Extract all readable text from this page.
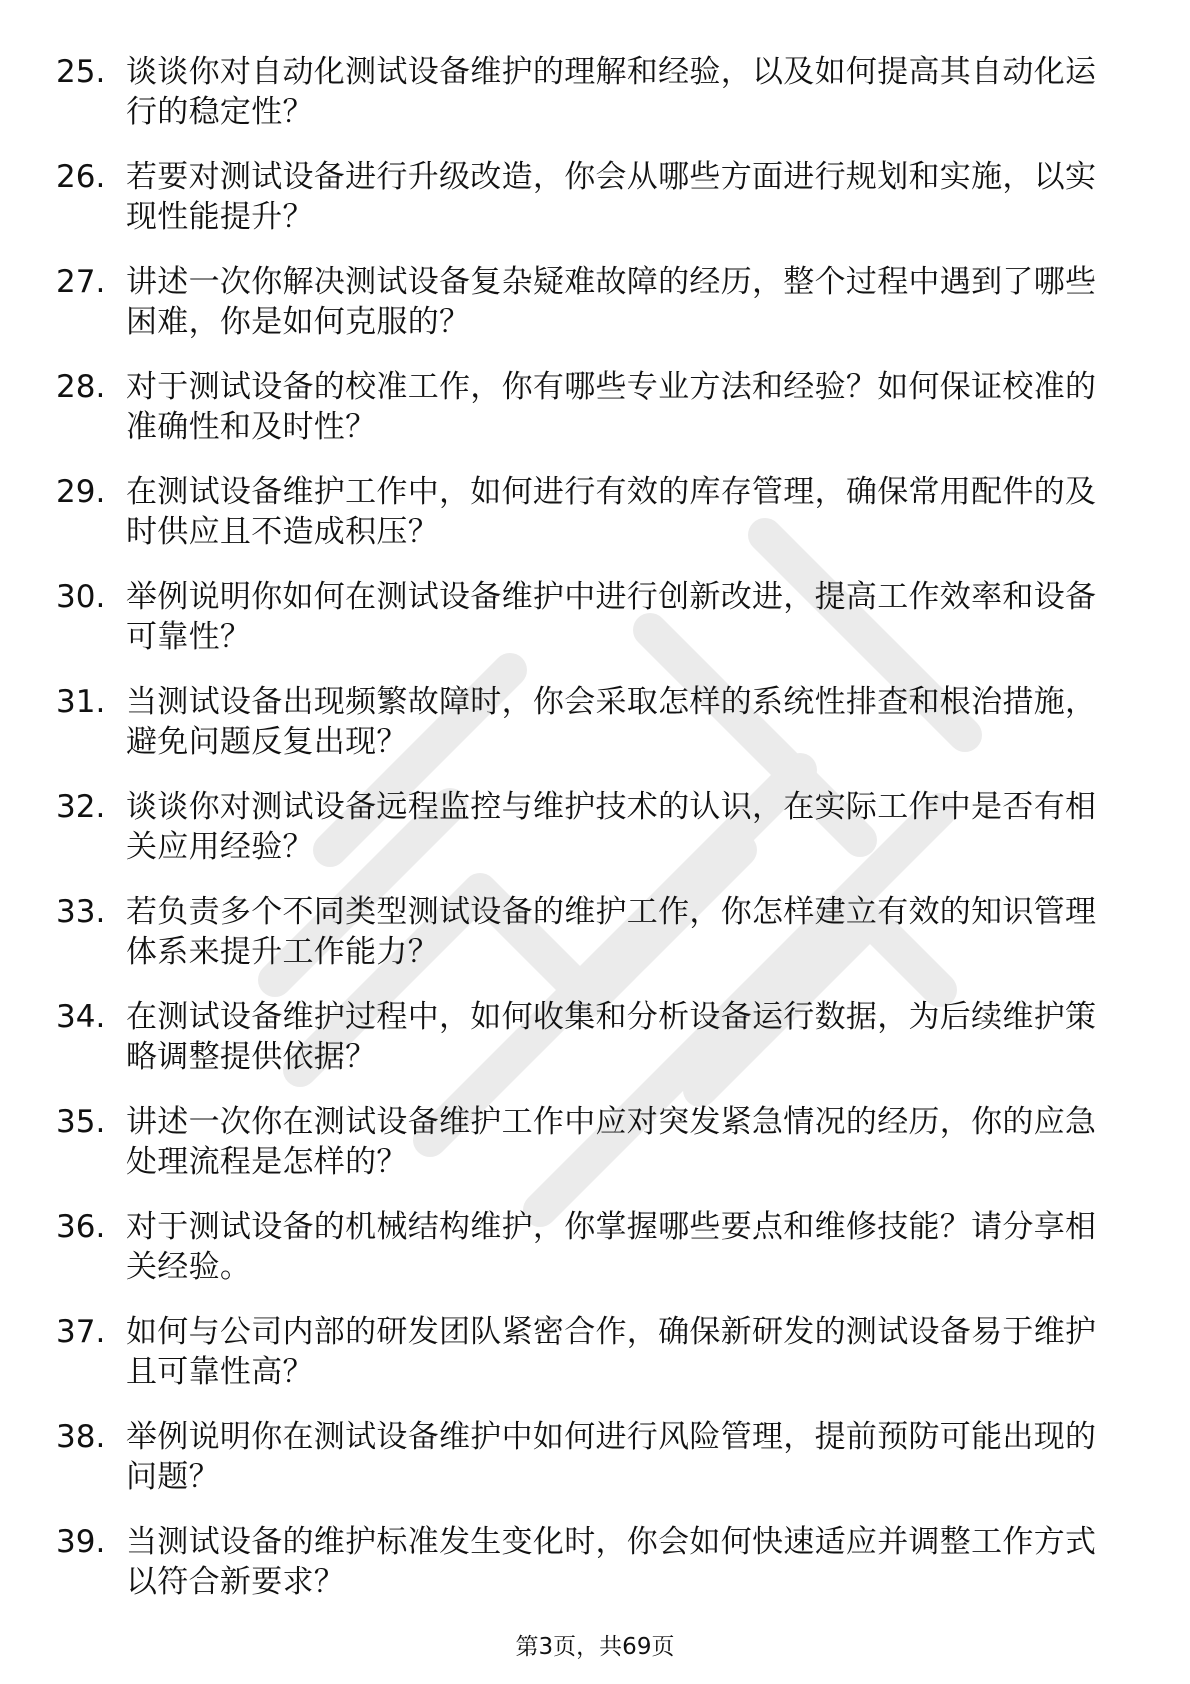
25. 谈谈你对自动化测试设备维护的理解和经验，以及如何提高其自动化运行的稳定性？
26. 若要对测试设备进行升级改造，你会从哪些方面进行规划和实施，以实现性能提升？
27. 讲述一次你解决测试设备复杂疑难故障的经历，整个过程中遇到了哪些困难，你是如何克服的？
28. 对于测试设备的校准工作，你有哪些专业方法和经验？如何保证校准的准确性和及时性？
29. 在测试设备维护工作中，如何进行有效的库存管理，确保常用配件的及时供应且不造成积压？
30. 举例说明你如何在测试设备维护中进行创新改进，提高工作效率和设备可靠性？
31. 当测试设备出现频繁故障时，你会采取怎样的系统性排查和根治措施，避免问题反复出现？
32. 谈谈你对测试设备远程监控与维护技术的认识，在实际工作中是否有相关应用经验？
33. 若负责多个不同类型测试设备的维护工作，你怎样建立有效的知识管理体系来提升工作能力？
34. 在测试设备维护过程中，如何收集和分析设备运行数据，为后续维护策略调整提供依据？
35. 讲述一次你在测试设备维护工作中应对突发紧急情况的经历，你的应急处理流程是怎样的？
36. 对于测试设备的机械结构维护，你掌握哪些要点和维修技能？请分享相关经验。
37. 如何与公司内部的研发团队紧密合作，确保新研发的测试设备易于维护且可靠性高？
38. 举例说明你在测试设备维护中如何进行风险管理，提前预防可能出现的问题？
39. 当测试设备的维护标准发生变化时，你会如何快速适应并调整工作方式以符合新要求？
第3页，共69页
